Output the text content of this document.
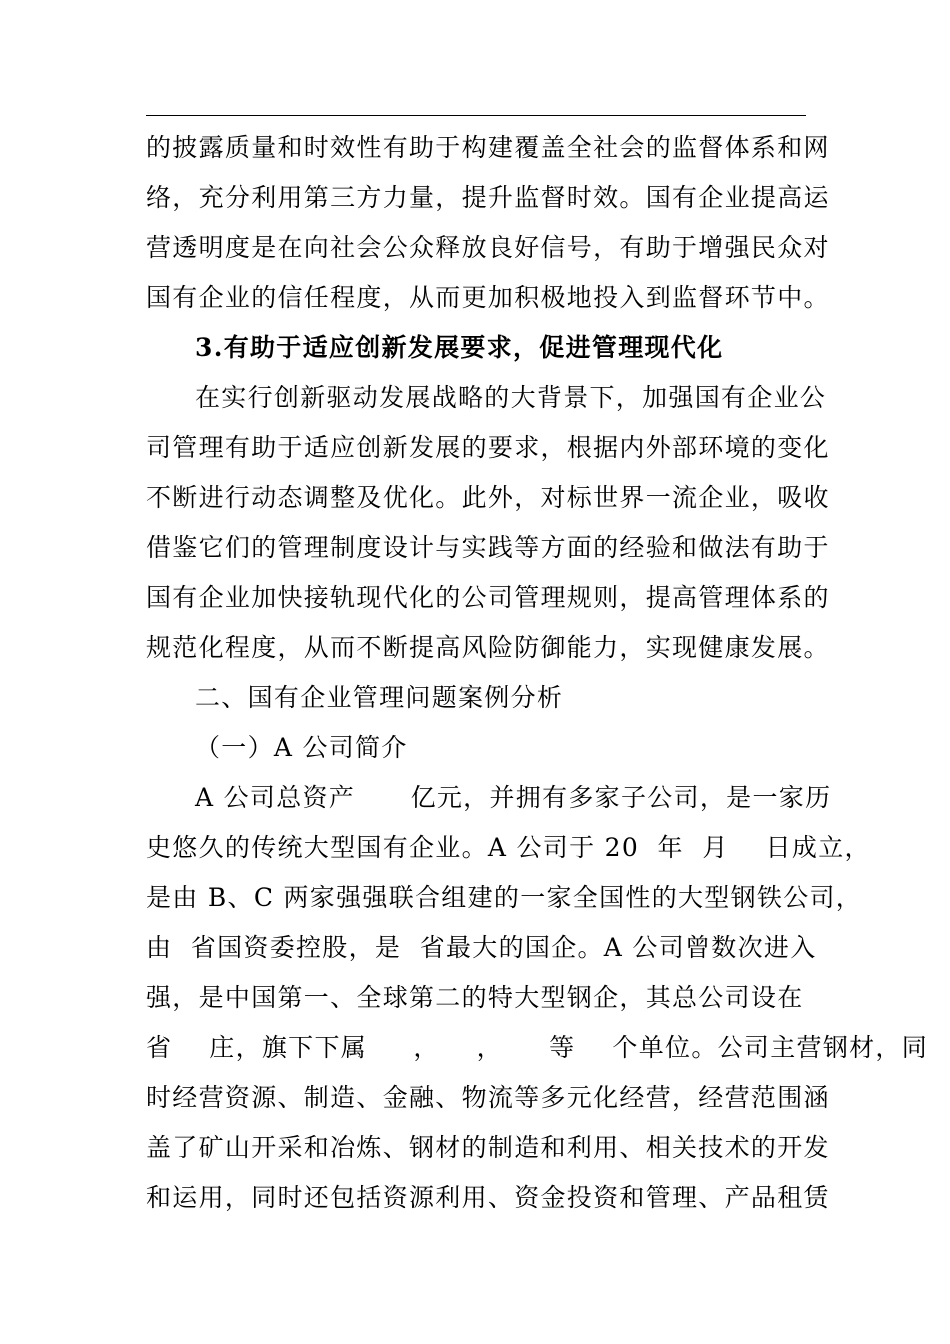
的披露质量和时效性有助于构建覆盖全社会的监督体系和网
络，充分利用第三方力量，提升监督时效。国有企业提高运
营透明度是在向社会公众释放良好信号，有助于增强民众对
国有企业的信任程度，从而更加积极地投入到监督环节中。
3.有助于适应创新发展要求，促进管理现代化
在实行创新驱动发展战略的大背景下，加强国有企业公
司管理有助于适应创新发展的要求，根据内外部环境的变化
不断进行动态调整及优化。此外，对标世界一流企业，吸收
借鉴它们的管理制度设计与实践等方面的经验和做法有助于
国有企业加快接轨现代化的公司管理规则，提高管理体系的
规范化程度，从而不断提高风险防御能力，实现健康发展。
二、国有企业管理问题案例分析
（一）A 公司简介
A 公司总资产      亿元，并拥有多家子公司，是一家历
史悠久的传统大型国有企业。A 公司于 20  年  月    日成立，
是由 B、C 两家强强联合组建的一家全国性的大型钢铁公司，
由  省国资委控股，是  省最大的国企。A 公司曾数次进入
强，是中国第一、全球第二的特大型钢企，其总公司设在
省    庄，旗下下属     ，    ，     等    个单位。公司主营钢材，同
时经营资源、制造、金融、物流等多元化经营，经营范围涵
盖了矿山开采和冶炼、钢材的制造和利用、相关技术的开发
和运用，同时还包括资源利用、资金投资和管理、产品租赁
